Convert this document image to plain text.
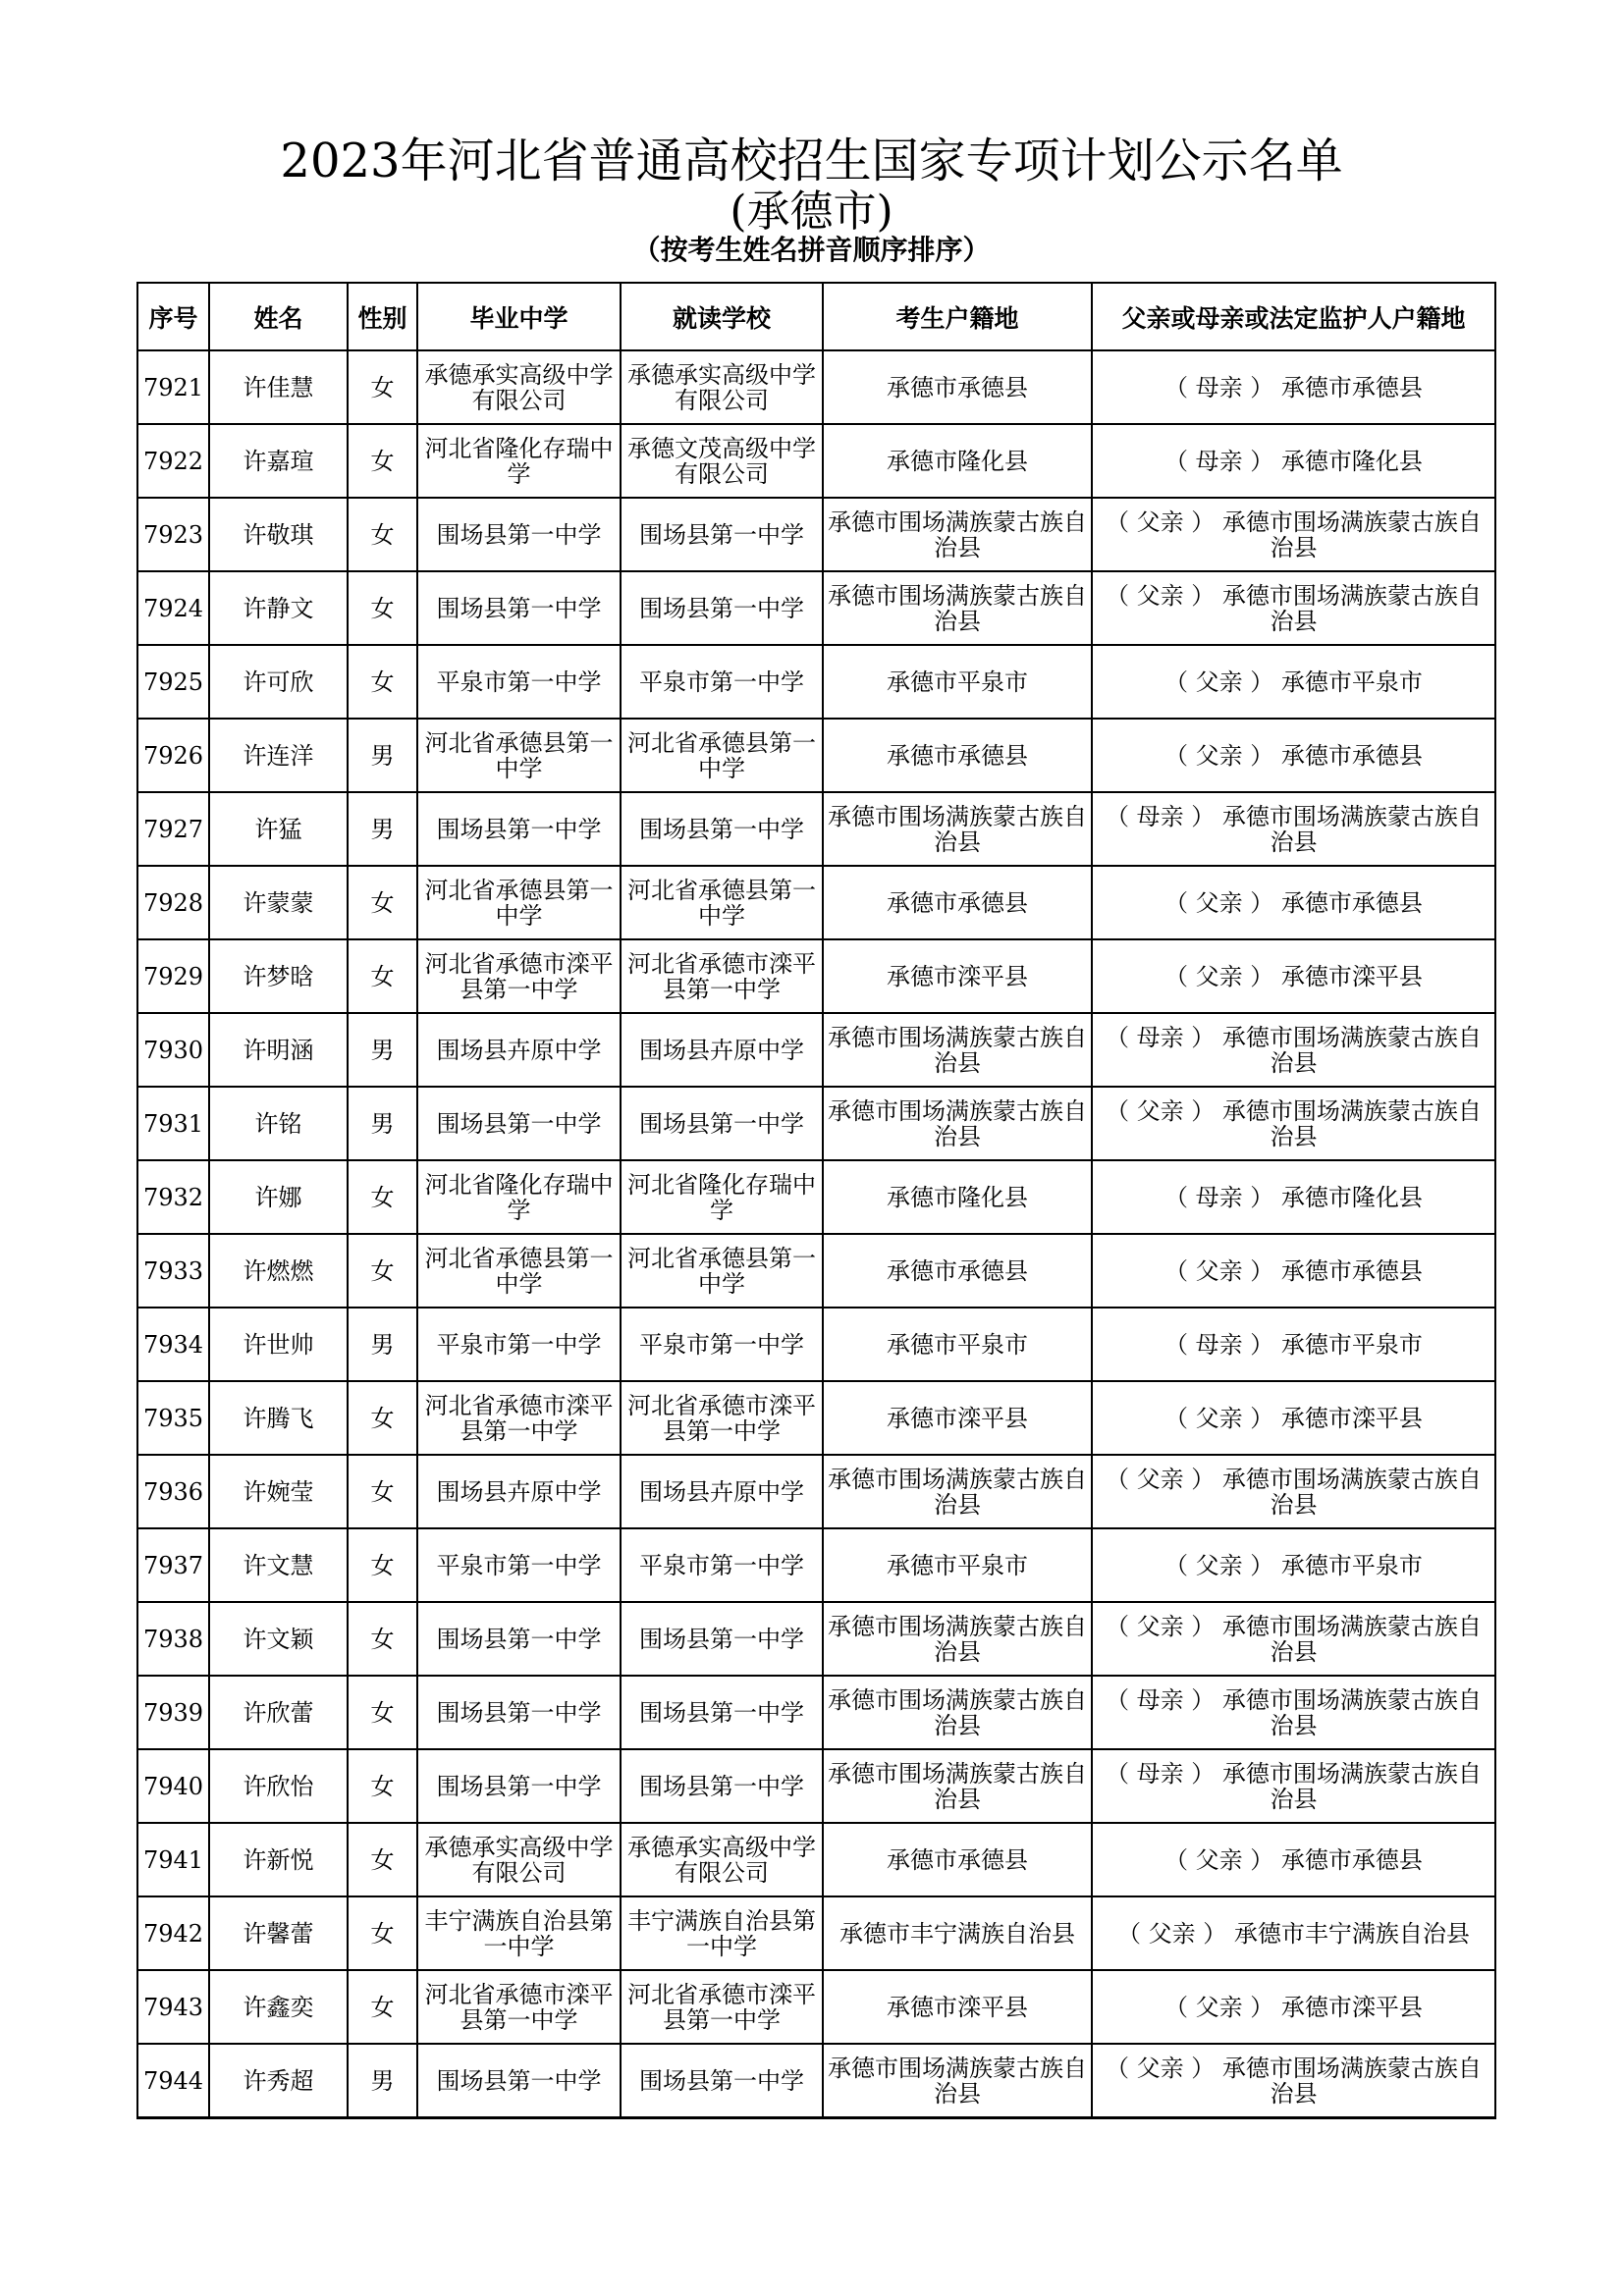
2023年河北省普通高校招生国家专项计划公示名单
(承德市)
（按考生姓名拼音顺序排序）
序号	姓名	性别	毕业中学	就读学校	考生户籍地	父亲或母亲或法定监护人户籍地
7921	许佳慧	女	承德承实高级中学有限公司	承德承实高级中学有限公司	承德市承德县	（ 母亲 ） 承德市承德县
7922	许嘉瑄	女	河北省隆化存瑞中学	承德文茂高级中学有限公司	承德市隆化县	（ 母亲 ） 承德市隆化县
7923	许敬琪	女	围场县第一中学	围场县第一中学	承德市围场满族蒙古族自治县	（ 父亲 ） 承德市围场满族蒙古族自治县
7924	许静文	女	围场县第一中学	围场县第一中学	承德市围场满族蒙古族自治县	（ 父亲 ） 承德市围场满族蒙古族自治县
7925	许可欣	女	平泉市第一中学	平泉市第一中学	承德市平泉市	（ 父亲 ） 承德市平泉市
7926	许连洋	男	河北省承德县第一中学	河北省承德县第一中学	承德市承德县	（ 父亲 ） 承德市承德县
7927	许猛	男	围场县第一中学	围场县第一中学	承德市围场满族蒙古族自治县	（ 母亲 ） 承德市围场满族蒙古族自治县
7928	许蒙蒙	女	河北省承德县第一中学	河北省承德县第一中学	承德市承德县	（ 父亲 ） 承德市承德县
7929	许梦晗	女	河北省承德市滦平县第一中学	河北省承德市滦平县第一中学	承德市滦平县	（ 父亲 ） 承德市滦平县
7930	许明涵	男	围场县卉原中学	围场县卉原中学	承德市围场满族蒙古族自治县	（ 母亲 ） 承德市围场满族蒙古族自治县
7931	许铭	男	围场县第一中学	围场县第一中学	承德市围场满族蒙古族自治县	（ 父亲 ） 承德市围场满族蒙古族自治县
7932	许娜	女	河北省隆化存瑞中学	河北省隆化存瑞中学	承德市隆化县	（ 母亲 ） 承德市隆化县
7933	许燃燃	女	河北省承德县第一中学	河北省承德县第一中学	承德市承德县	（ 父亲 ） 承德市承德县
7934	许世帅	男	平泉市第一中学	平泉市第一中学	承德市平泉市	（ 母亲 ） 承德市平泉市
7935	许腾飞	女	河北省承德市滦平县第一中学	河北省承德市滦平县第一中学	承德市滦平县	（ 父亲 ） 承德市滦平县
7936	许婉莹	女	围场县卉原中学	围场县卉原中学	承德市围场满族蒙古族自治县	（ 父亲 ） 承德市围场满族蒙古族自治县
7937	许文慧	女	平泉市第一中学	平泉市第一中学	承德市平泉市	（ 父亲 ） 承德市平泉市
7938	许文颖	女	围场县第一中学	围场县第一中学	承德市围场满族蒙古族自治县	（ 父亲 ） 承德市围场满族蒙古族自治县
7939	许欣蕾	女	围场县第一中学	围场县第一中学	承德市围场满族蒙古族自治县	（ 母亲 ） 承德市围场满族蒙古族自治县
7940	许欣怡	女	围场县第一中学	围场县第一中学	承德市围场满族蒙古族自治县	（ 母亲 ） 承德市围场满族蒙古族自治县
7941	许新悦	女	承德承实高级中学有限公司	承德承实高级中学有限公司	承德市承德县	（ 父亲 ） 承德市承德县
7942	许馨蕾	女	丰宁满族自治县第一中学	丰宁满族自治县第一中学	承德市丰宁满族自治县	（ 父亲 ） 承德市丰宁满族自治县
7943	许鑫奕	女	河北省承德市滦平县第一中学	河北省承德市滦平县第一中学	承德市滦平县	（ 父亲 ） 承德市滦平县
7944	许秀超	男	围场县第一中学	围场县第一中学	承德市围场满族蒙古族自治县	（ 父亲 ） 承德市围场满族蒙古族自治县
